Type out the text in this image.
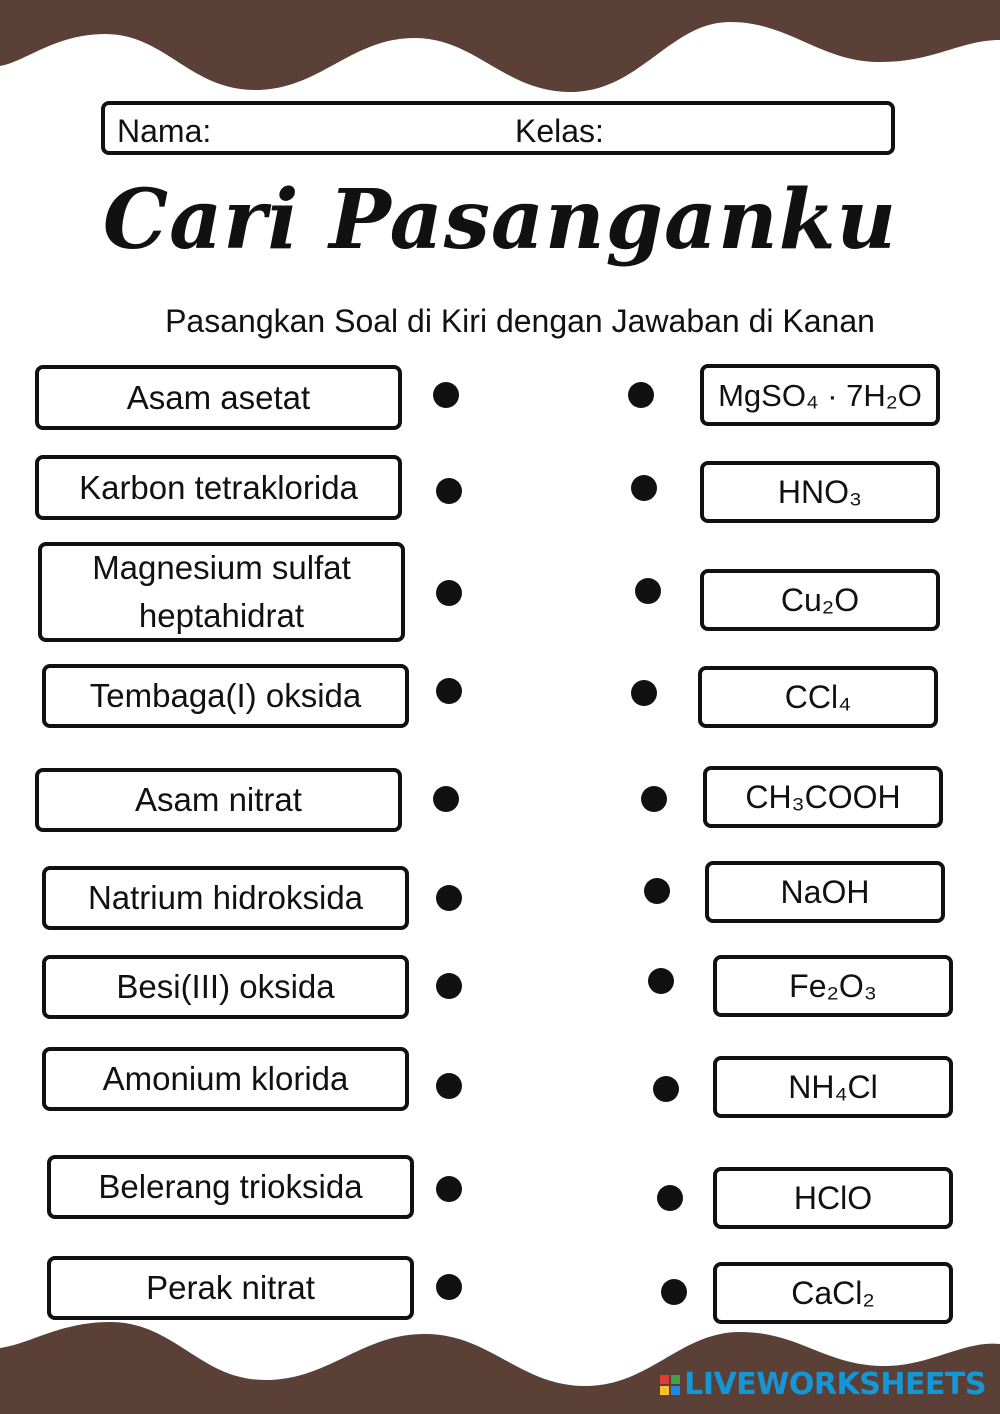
Nama:	Kelas:
Cari Pasanganku
Pasangkan Soal di Kiri dengan Jawaban di Kanan
Asam asetat
Karbon tetraklorida
Magnesium sulfat heptahidrat
Tembaga(I) oksida
Asam nitrat
Natrium hidroksida
Besi(III) oksida
Amonium klorida
Belerang trioksida
Perak nitrat
MgSO₄ · 7H₂O
HNO₃
Cu₂O
CCl₄
CH₃COOH
NaOH
Fe₂O₃
NH₄Cl
HClO
CaCl₂
LIVEWORKSHEETS
